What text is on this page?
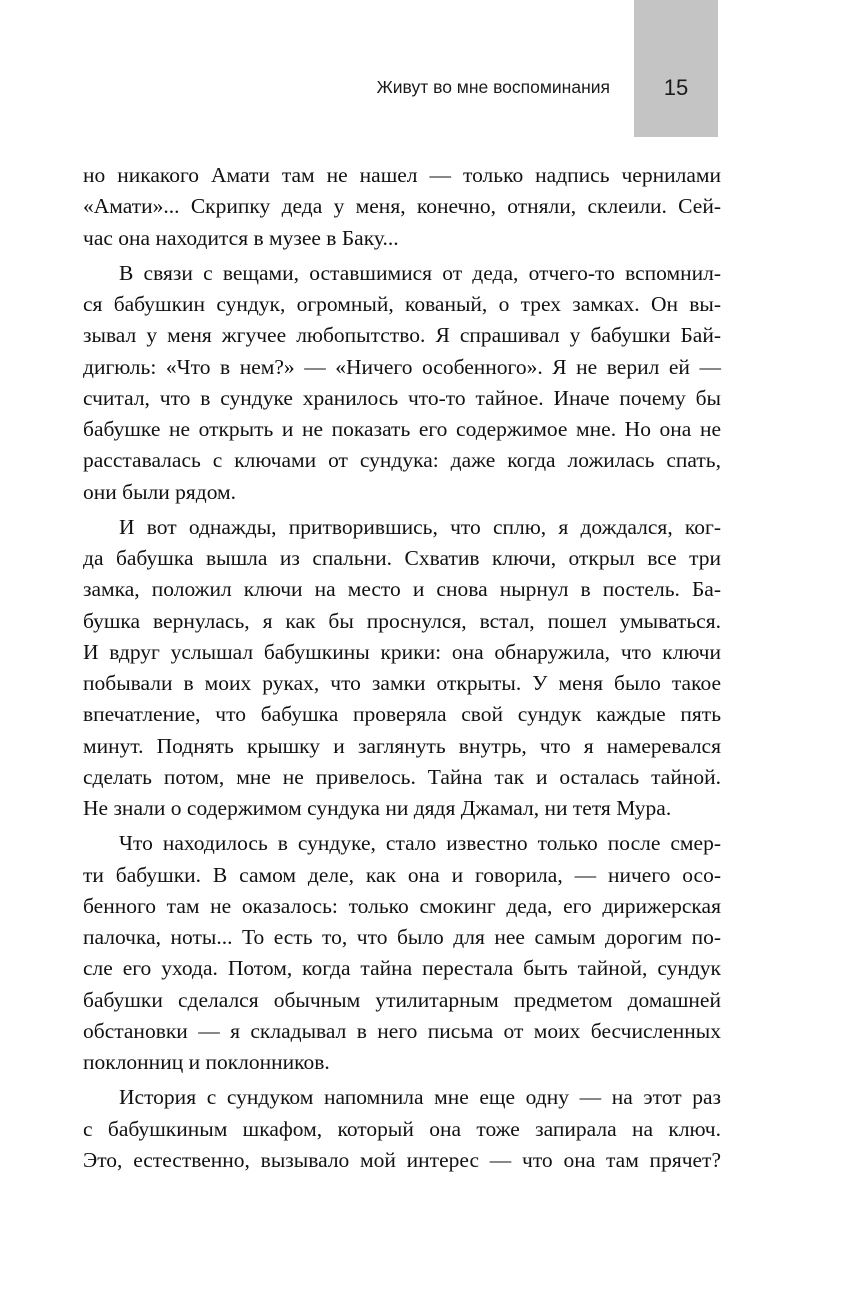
15
Живут во мне воспоминания
но никакого Амати там не нашел — только надпись чернилами
«Амати»... Скрипку деда у меня, конечно, отняли, склеили. Сей-
час она находится в музее в Баку...
В связи с вещами, оставшимися от деда, отчего-то вспомнил-
ся бабушкин сундук, огромный, кованый, о трех замках. Он вы-
зывал у меня жгучее любопытство. Я спрашивал у бабушки Бай-
дигюль: «Что в нем?» — «Ничего особенного». Я не верил ей —
считал, что в сундуке хранилось что-то тайное. Иначе почему бы
бабушке не открыть и не показать его содержимое мне. Но она не
расставалась с ключами от сундука: даже когда ложилась спать,
они были рядом.
И вот однажды, притворившись, что сплю, я дождался, ког-
да бабушка вышла из спальни. Схватив ключи, открыл все три
замка, положил ключи на место и снова нырнул в постель. Ба-
бушка вернулась, я как бы проснулся, встал, пошел умываться.
И вдруг услышал бабушкины крики: она обнаружила, что ключи
побывали в моих руках, что замки открыты. У меня было такое
впечатление, что бабушка проверяла свой сундук каждые пять
минут. Поднять крышку и заглянуть внутрь, что я намеревался
сделать потом, мне не привелось. Тайна так и осталась тайной.
Не знали о содержимом сундука ни дядя Джамал, ни тетя Мура.
Что находилось в сундуке, стало известно только после смер-
ти бабушки. В самом деле, как она и говорила, — ничего осо-
бенного там не оказалось: только смокинг деда, его дирижерская
палочка, ноты... То есть то, что было для нее самым дорогим по-
сле его ухода. Потом, когда тайна перестала быть тайной, сундук
бабушки сделался обычным утилитарным предметом домашней
обстановки — я складывал в него письма от моих бесчисленных
поклонниц и поклонников.
История с сундуком напомнила мне еще одну — на этот раз
с бабушкиным шкафом, который она тоже запирала на ключ.
Это, естественно, вызывало мой интерес — что она там прячет?
